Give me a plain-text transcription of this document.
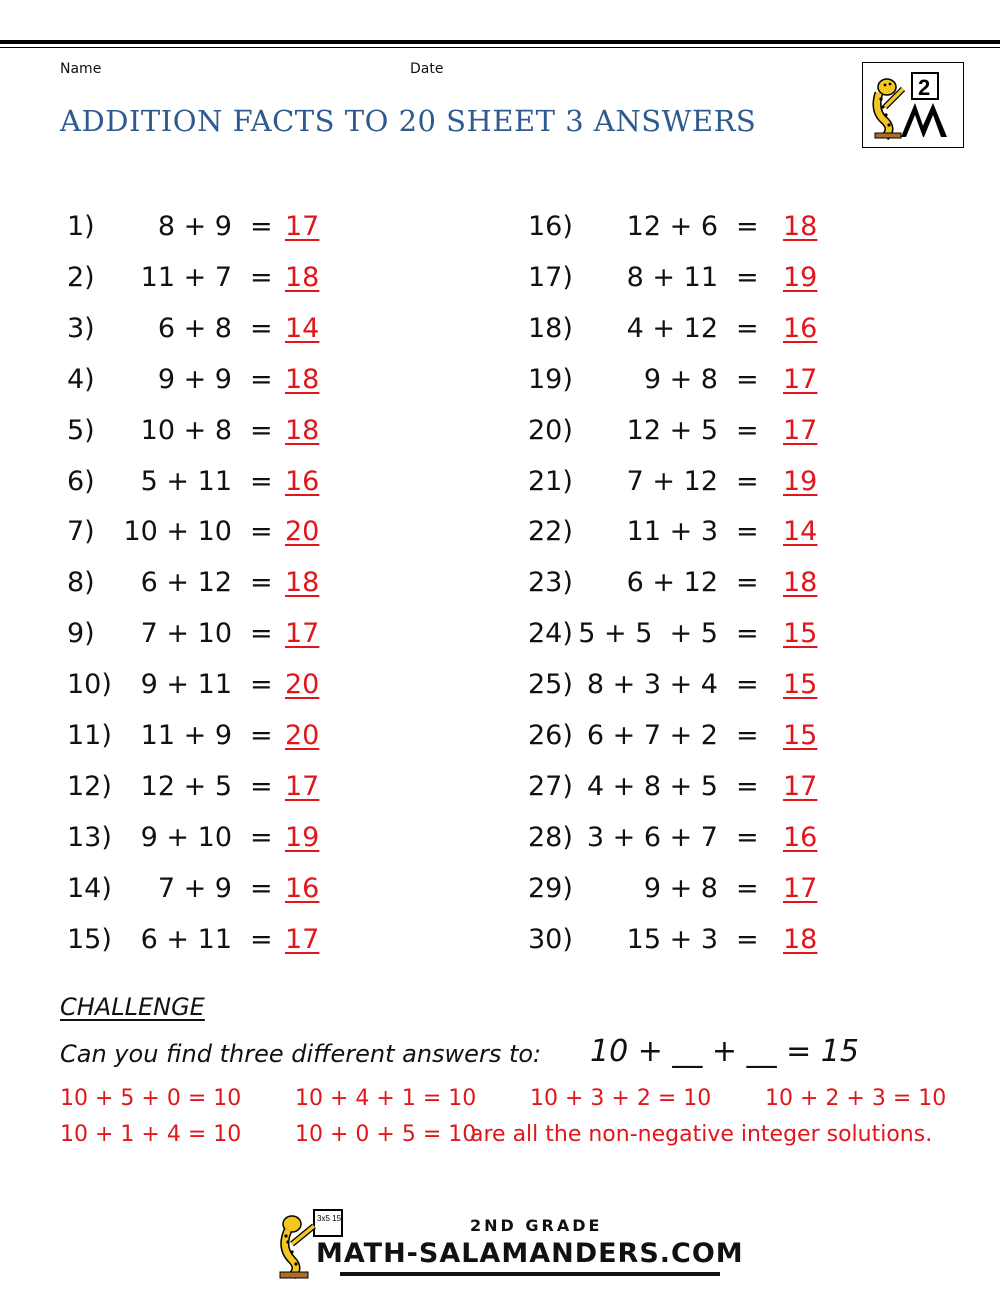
Name	Date
ADDITION FACTS TO 20 SHEET 3 ANSWERS
2
1) 8 + 9 = 17
2) 11 + 7 = 18
3) 6 + 8 = 14
4) 9 + 9 = 18
5) 10 + 8 = 18
6) 5 + 11 = 16
7) 10 + 10 = 20
8) 6 + 12 = 18
9) 7 + 10 = 17
10) 9 + 11 = 20
11) 11 + 9 = 20
12) 12 + 5 = 17
13) 9 + 10 = 19
14) 7 + 9 = 16
15) 6 + 11 = 17
16) 12 + 6 = 18
17) 8 + 11 = 19
18) 4 + 12 = 16
19)	9 + 8 = 17
20) 12 + 5 = 17
21) 7 + 12 = 19
22) 11 + 3 = 14
23) 6 + 12 = 18
24) 5 + 5  + 5 = 15
25) 8 + 3 + 4 = 15
26) 6 + 7 + 2 = 15
27) 4 + 8 + 5 = 17
28) 3 + 6 + 7 = 16
29)	9 + 8 = 17
30) 15 + 3 = 18
CHALLENGE
Can you find three different answers to: 10 + __ + __ = 15
10 + 5 + 0 = 10 10 + 4 + 1 = 10 10 + 3 + 2 = 10 10 + 2 + 3 = 10
10 + 1 + 4 = 10 10 + 0 + 5 = 10
are all the non-negative integer solutions.
3x5 15	2ND GRADE
MATH-SALAMANDERS.COM
